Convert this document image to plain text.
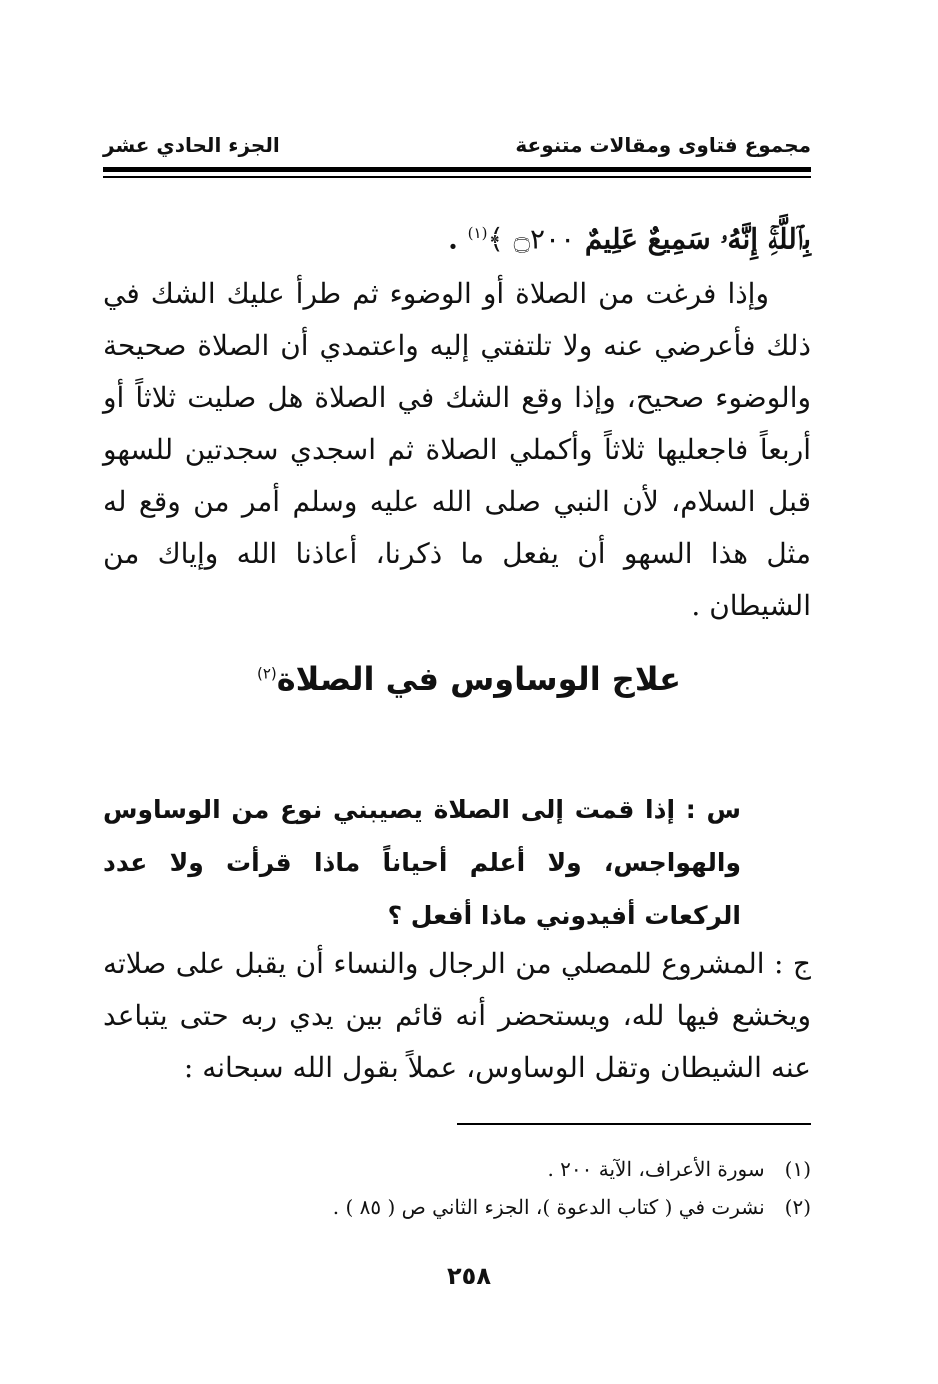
مجموع فتاوى ومقالات متنوعة
الجزء الحادي عشر
بِٱللَّهِۚ إِنَّهُۥ سَمِيعٌ عَلِيمٌ ۝٢٠٠ ﴾$^{(١)}$ .
وإذا فرغت من الصلاة أو الوضوء ثم طرأ عليك الشك في ذلك فأعرضي عنه ولا تلتفتي إليه واعتمدي أن الصلاة صحيحة والوضوء صحيح، وإذا وقع الشك في الصلاة هل صليت ثلاثاً أو أربعاً فاجعليها ثلاثاً وأكملي الصلاة ثم اسجدي سجدتين للسهو قبل السلام، لأن النبي صلى الله عليه وسلم أمر من وقع له مثل هذا السهو أن يفعل ما ذكرنا، أعاذنا الله وإياك من الشيطان .
علاج الوساوس في الصلاة$^{(٢)}$
س : إذا قمت إلى الصلاة يصيبني نوع من الوساوس والهواجس، ولا أعلم أحياناً ماذا قرأت ولا عدد الركعات أفيدوني ماذا أفعل ؟
ج : المشروع للمصلي من الرجال والنساء أن يقبل على صلاته ويخشع فيها لله، ويستحضر أنه قائم بين يدي ربه حتى يتباعد عنه الشيطان وتقل الوساوس، عملاً بقول الله سبحانه :
(١) سورة الأعراف، الآية ٢٠٠ .
(٢) نشرت في ( كتاب الدعوة )، الجزء الثاني ص ( ٨٥ ) .
٢٥٨
